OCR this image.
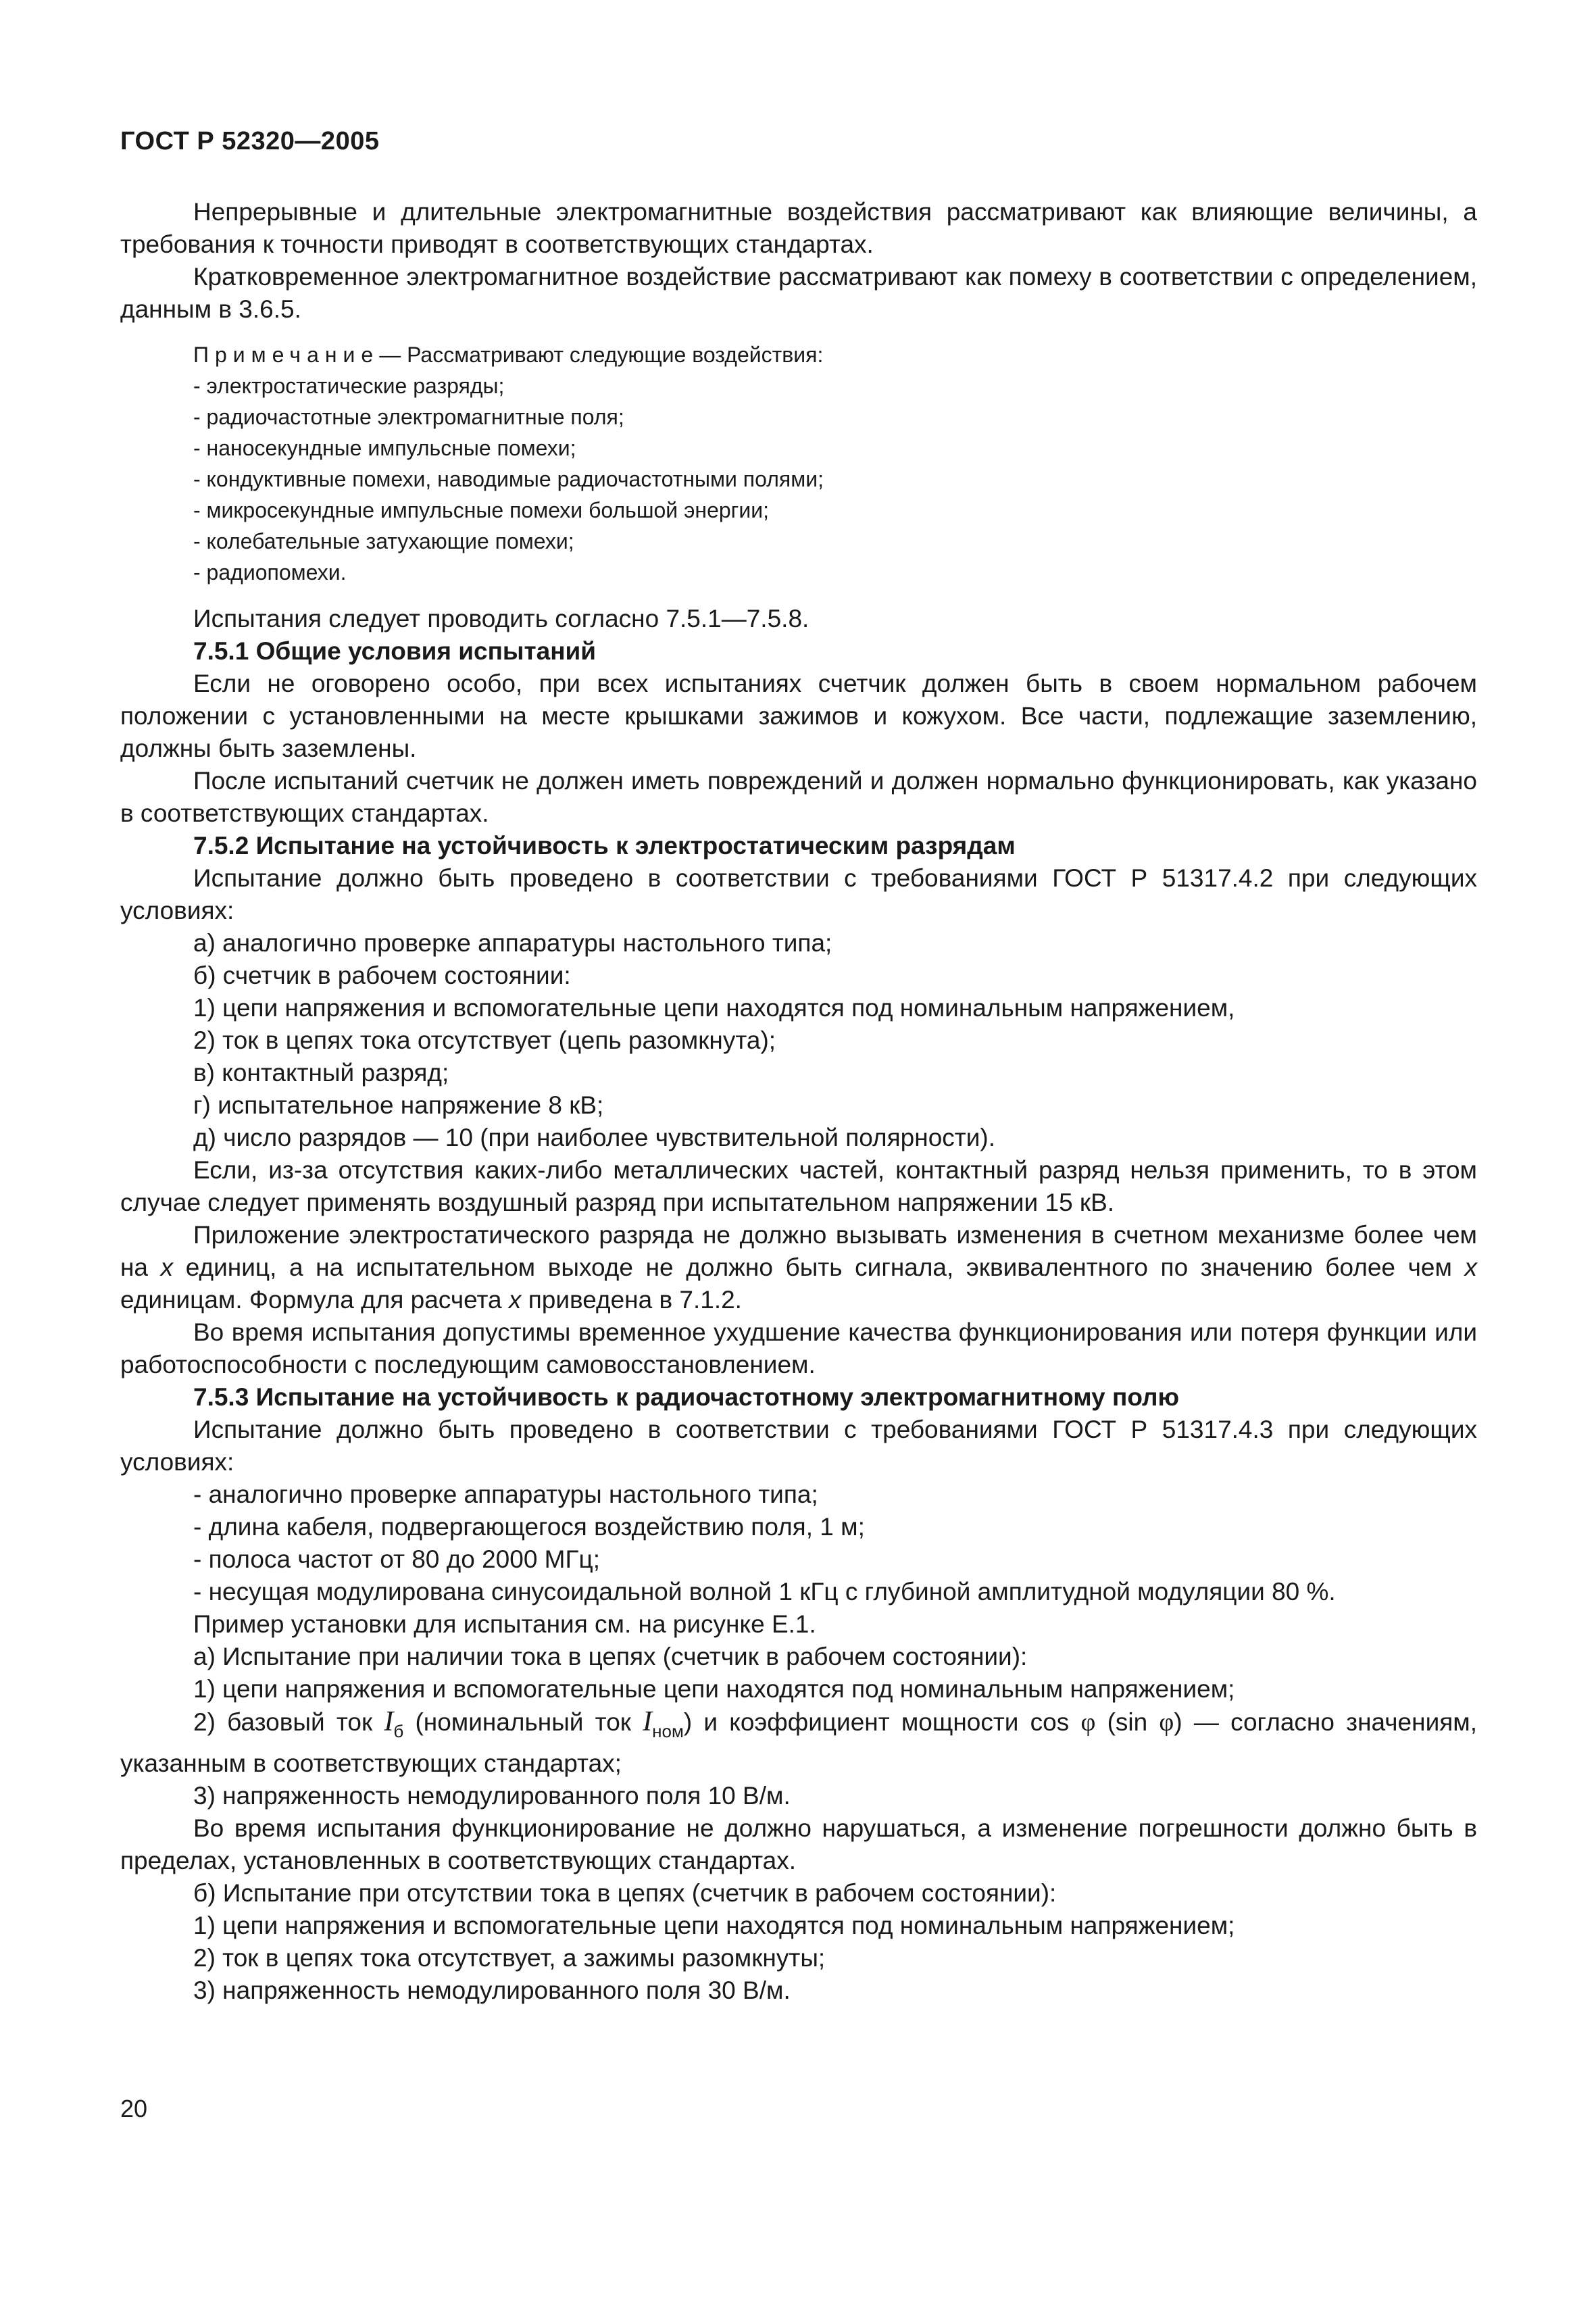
ГОСТ Р 52320—2005

Непрерывные и длительные электромагнитные воздействия рассматривают как влияющие величины, а требования к точности приводят в соответствующих стандартах.

Кратковременное электромагнитное воздействие рассматривают как помеху в соответствии с определением, данным в 3.6.5.

Примечание— Рассматривают следующие воздействия:
- электростатические разряды;
- радиочастотные электромагнитные поля;
- наносекундные импульсные помехи;
- кондуктивные помехи, наводимые радиочастотными полями;
- микросекундные импульсные помехи большой энергии;
- колебательные затухающие помехи;
- радиопомехи.

Испытания следует проводить согласно 7.5.1—7.5.8.

7.5.1 Общие условия испытаний

Если не оговорено особо, при всех испытаниях счетчик должен быть в своем нормальном рабочем положении с установленными на месте крышками зажимов и кожухом. Все части, подлежащие заземлению, должны быть заземлены.

После испытаний счетчик не должен иметь повреждений и должен нормально функционировать, как указано в соответствующих стандартах.

7.5.2 Испытание на устойчивость к электростатическим разрядам

Испытание должно быть проведено в соответствии с требованиями ГОСТ Р 51317.4.2 при следующих условиях:

а) аналогично проверке аппаратуры настольного типа;

б) счетчик в рабочем состоянии:

1) цепи напряжения и вспомогательные цепи находятся под номинальным напряжением,

2) ток в цепях тока отсутствует (цепь разомкнута);

в) контактный разряд;

г) испытательное напряжение 8 кВ;

д) число разрядов — 10 (при наиболее чувствительной полярности).

Если, из-за отсутствия каких-либо металлических частей, контактный разряд нельзя применить, то в этом случае следует применять воздушный разряд при испытательном напряжении 15 кВ.

Приложение электростатического разряда не должно вызывать изменения в счетном механизме более чем на x единиц, а на испытательном выходе не должно быть сигнала, эквивалентного по значению более чем x единицам. Формула для расчета x приведена в 7.1.2.

Во время испытания допустимы временное ухудшение качества функционирования или потеря функции или работоспособности с последующим самовосстановлением.

7.5.3 Испытание на устойчивость к радиочастотному электромагнитному полю

Испытание должно быть проведено в соответствии с требованиями ГОСТ Р 51317.4.3 при следующих условиях:

- аналогично проверке аппаратуры настольного типа;

- длина кабеля, подвергающегося воздействию поля, 1 м;

- полоса частот от 80 до 2000 МГц;

- несущая модулирована синусоидальной волной 1 кГц с глубиной амплитудной модуляции 80 %.

Пример установки для испытания см. на рисунке Е.1.

а) Испытание при наличии тока в цепях (счетчик в рабочем состоянии):

1) цепи напряжения и вспомогательные цепи находятся под номинальным напряжением;

2) базовый ток $I_б$ (номинальный ток $I_{ном}$) и коэффициент мощности cos φ (sin φ) — согласно значениям, указанным в соответствующих стандартах;

3) напряженность немодулированного поля 10 В/м.

Во время испытания функционирование не должно нарушаться, а изменение погрешности должно быть в пределах, установленных в соответствующих стандартах.

б) Испытание при отсутствии тока в цепях (счетчик в рабочем состоянии):

1) цепи напряжения и вспомогательные цепи находятся под номинальным напряжением;

2) ток в цепях тока отсутствует, а зажимы разомкнуты;

3) напряженность немодулированного поля 30 В/м.

20
